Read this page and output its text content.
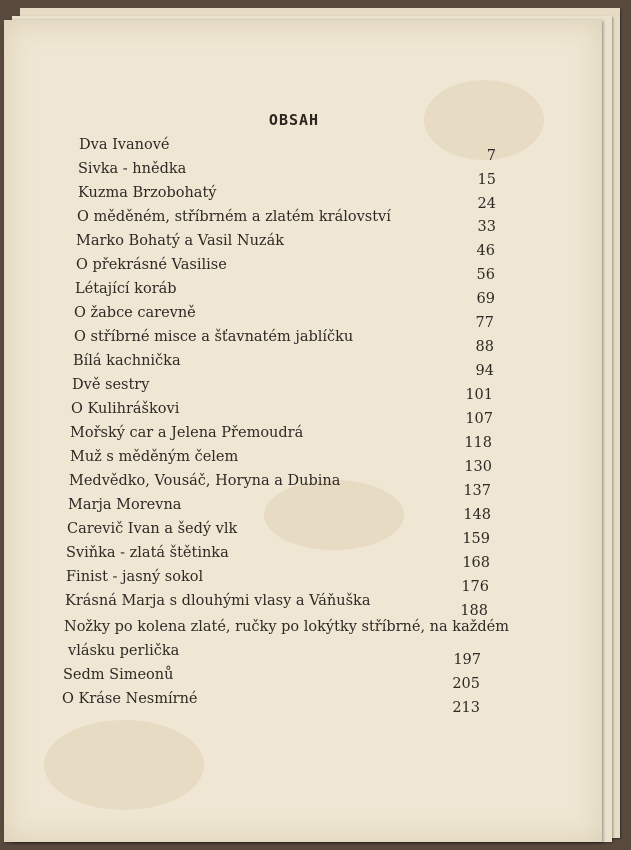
OBSAH
Dva Ivanové
7
Sivka - hnědka
15
Kuzma Brzobohatý
24
O měděném, stříbrném a zlatém království
33
Marko Bohatý a Vasil Nuzák
46
O překrásné Vasilise
56
Létající koráb
69
O žabce carevně
77
O stříbrné misce a šťavnatém jablíčku
88
Bílá kachnička
94
Dvě sestry
101
O Kulihráškovi
107
Mořský car a Jelena Přemoudrá
118
Muž s měděným čelem
130
Medvědko, Vousáč, Horyna a Dubina
137
Marja Morevna
148
Carevič Ivan a šedý vlk
159
Sviňka - zlatá štětinka
168
Finist - jasný sokol
176
Krásná Marja s dlouhými vlasy a Váňuška
188
Nožky po kolena zlaté, ručky po lokýtky stříbrné, na každém
vlásku perlička
197
Sedm Simeonů
205
O Kráse Nesmírné
213
